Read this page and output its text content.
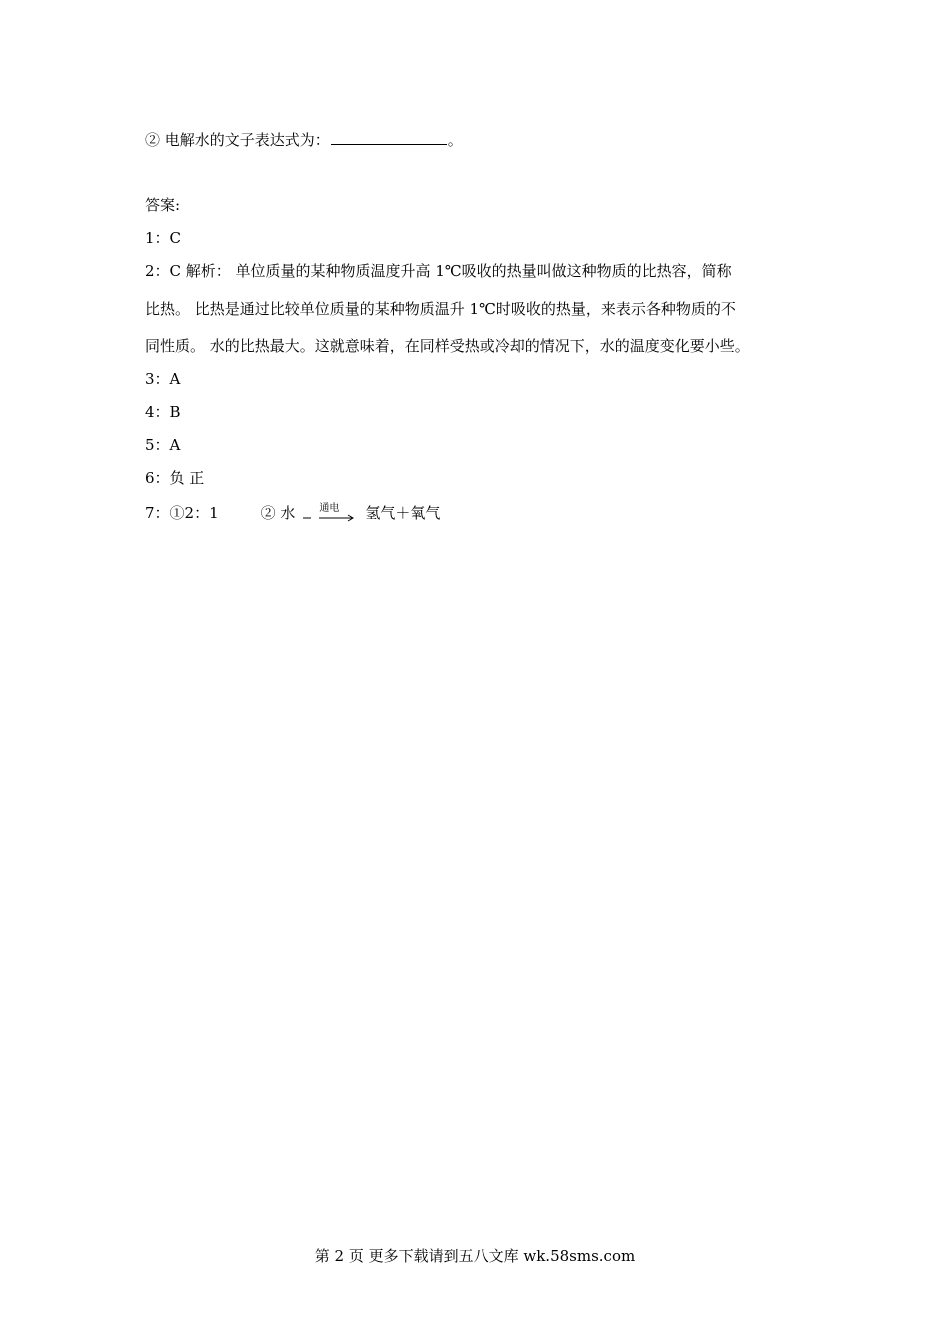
② 电解水的文子表达式为：	。
答案:
1：C
2：C 解析： 单位质量的某种物质温度升高 1℃吸收的热量叫做这种物质的比热容，简称
比热。 比热是通过比较单位质量的某种物质温升 1℃时吸收的热量，来表示各种物质的不
同性质。 水的比热最大。这就意味着，在同样受热或冷却的情况下，水的温度变化要小些。
3：A
4：B
5：A
6：负 正
7：①2：1	② 水 通电 氢气＋氧气
第 2 页 更多下载请到五八文库 wk.58sms.com
